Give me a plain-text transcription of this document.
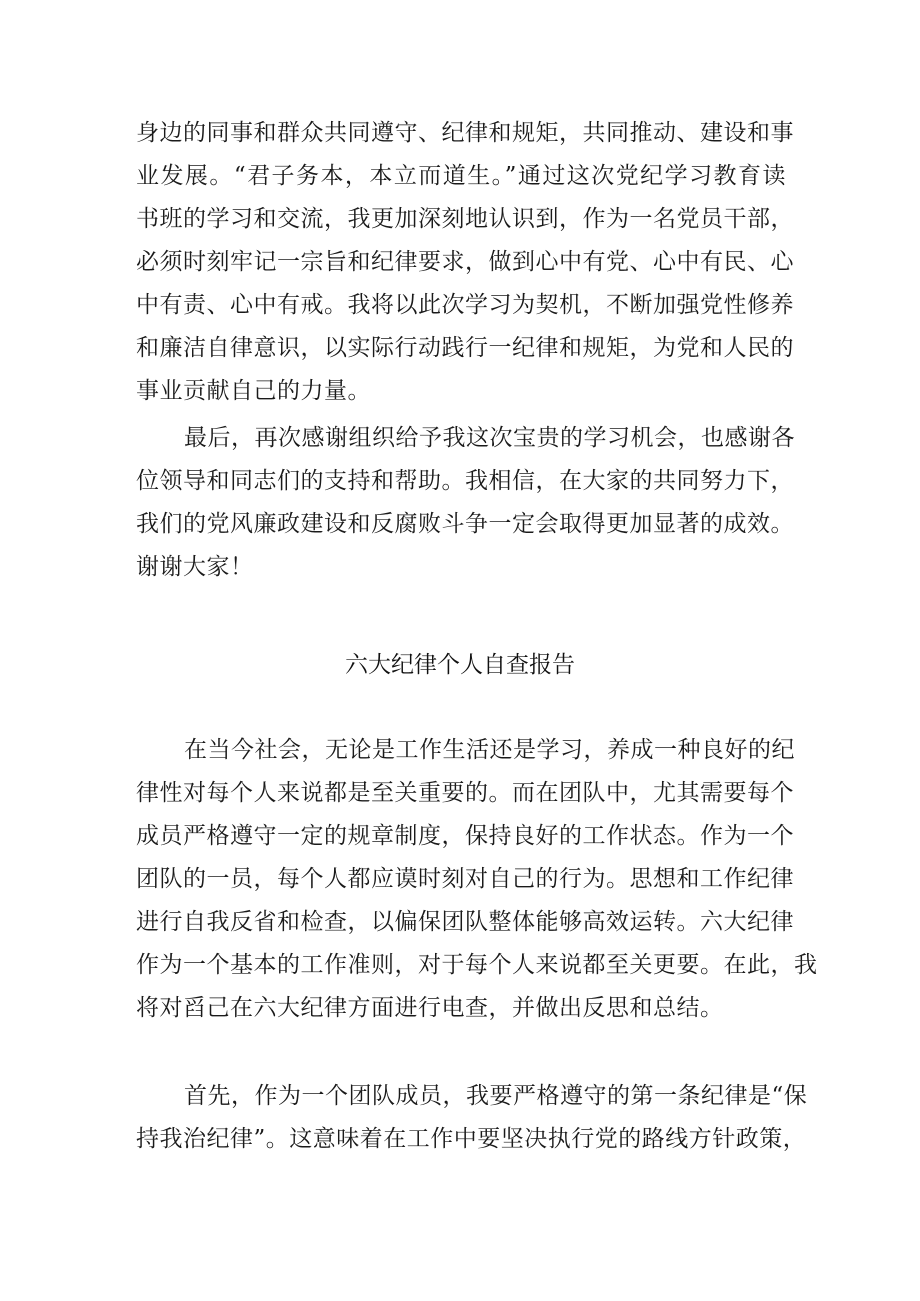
身边的同事和群众共同遵守、纪律和规矩，共同推动、建设和事
业发展。“君子务本，本立而道生。”通过这次党纪学习教育读
书班的学习和交流，我更加深刻地认识到，作为一名党员干部，
必须时刻牢记一宗旨和纪律要求，做到心中有党、心中有民、心
中有责、心中有戒。我将以此次学习为契机，不断加强党性修养
和廉洁自律意识，以实际行动践行一纪律和规矩，为党和人民的
事业贡献自己的力量。
最后，再次感谢组织给予我这次宝贵的学习机会，也感谢各
位领导和同志们的支持和帮助。我相信，在大家的共同努力下，
我们的党风廉政建设和反腐败斗争一定会取得更加显著的成效。
谢谢大家！
六大纪律个人自查报告
在当今社会，无论是工作生活还是学习，养成一种良好的纪
律性对每个人来说都是至关重要的。而在团队中，尤其需要每个
成员严格遵守一定的规章制度，保持良好的工作状态。作为一个
团队的一员，每个人都应谟时刻对自己的行为。思想和工作纪律
进行自我反省和检查，以偏保团队整体能够高效运转。六大纪律
作为一个基本的工作准则，对于每个人来说都至关更要。在此，我
将对舀己在六大纪律方面进行电查，并做出反思和总结。
首先，作为一个团队成员，我要严格遵守的第一条纪律是“保
持我治纪律”。这意味着在工作中要坚决执行党的路线方针政策，
